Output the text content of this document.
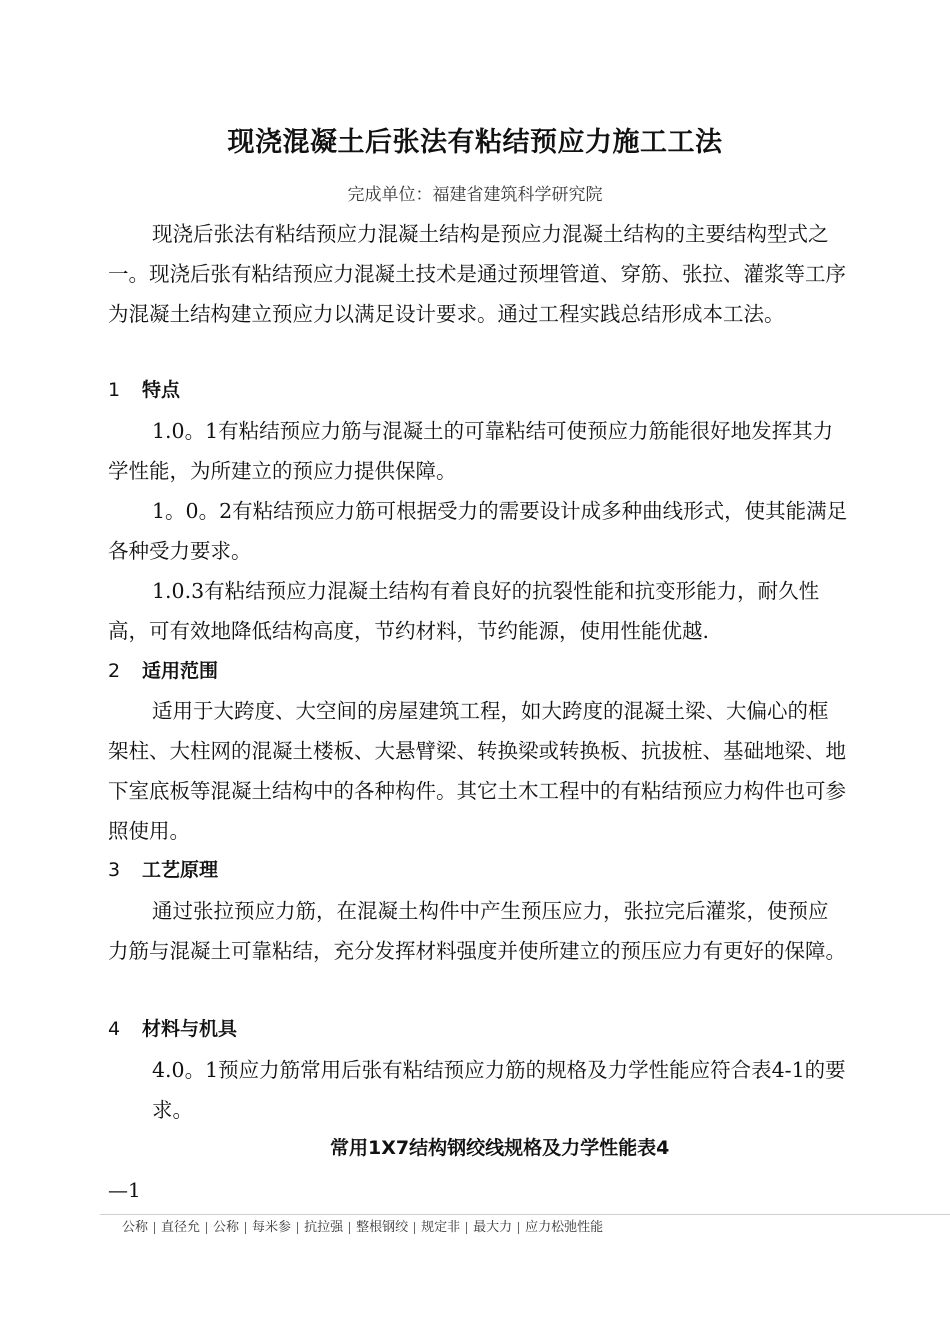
现浇混凝土后张法有粘结预应力施工工法
完成单位：福建省建筑科学研究院

现浇后张法有粘结预应力混凝土结构是预应力混凝土结构的主要结构型式之一。现浇后张有粘结预应力混凝土技术是通过预埋管道、穿筋、张拉、灌浆等工序为混凝土结构建立预应力以满足设计要求。通过工程实践总结形成本工法。

1 特点

1.0。1有粘结预应力筋与混凝土的可靠粘结可使预应力筋能很好地发挥其力学性能，为所建立的预应力提供保障。

1。0。2有粘结预应力筋可根据受力的需要设计成多种曲线形式，使其能满足各种受力要求。

1.0.3有粘结预应力混凝土结构有着良好的抗裂性能和抗变形能力，耐久性高，可有效地降低结构高度，节约材料，节约能源，使用性能优越.

2 适用范围

适用于大跨度、大空间的房屋建筑工程，如大跨度的混凝土梁、大偏心的框架柱、大柱网的混凝土楼板、大悬臂梁、转换梁或转换板、抗拔桩、基础地梁、地下室底板等混凝土结构中的各种构件。其它土木工程中的有粘结预应力构件也可参照使用。

3 工艺原理

通过张拉预应力筋，在混凝土构件中产生预压应力，张拉完后灌浆，使预应力筋与混凝土可靠粘结，充分发挥材料强度并使所建立的预压应力有更好的保障。

4 材料与机具

4.0。1预应力筋常用后张有粘结预应力筋的规格及力学性能应符合表4-1的要求。

常用1X7结构钢绞线规格及力学性能表4

—1

公称 直径允 公称 每米参 抗拉强 整根钢绞 规定非 最大力 应力松弛性能
